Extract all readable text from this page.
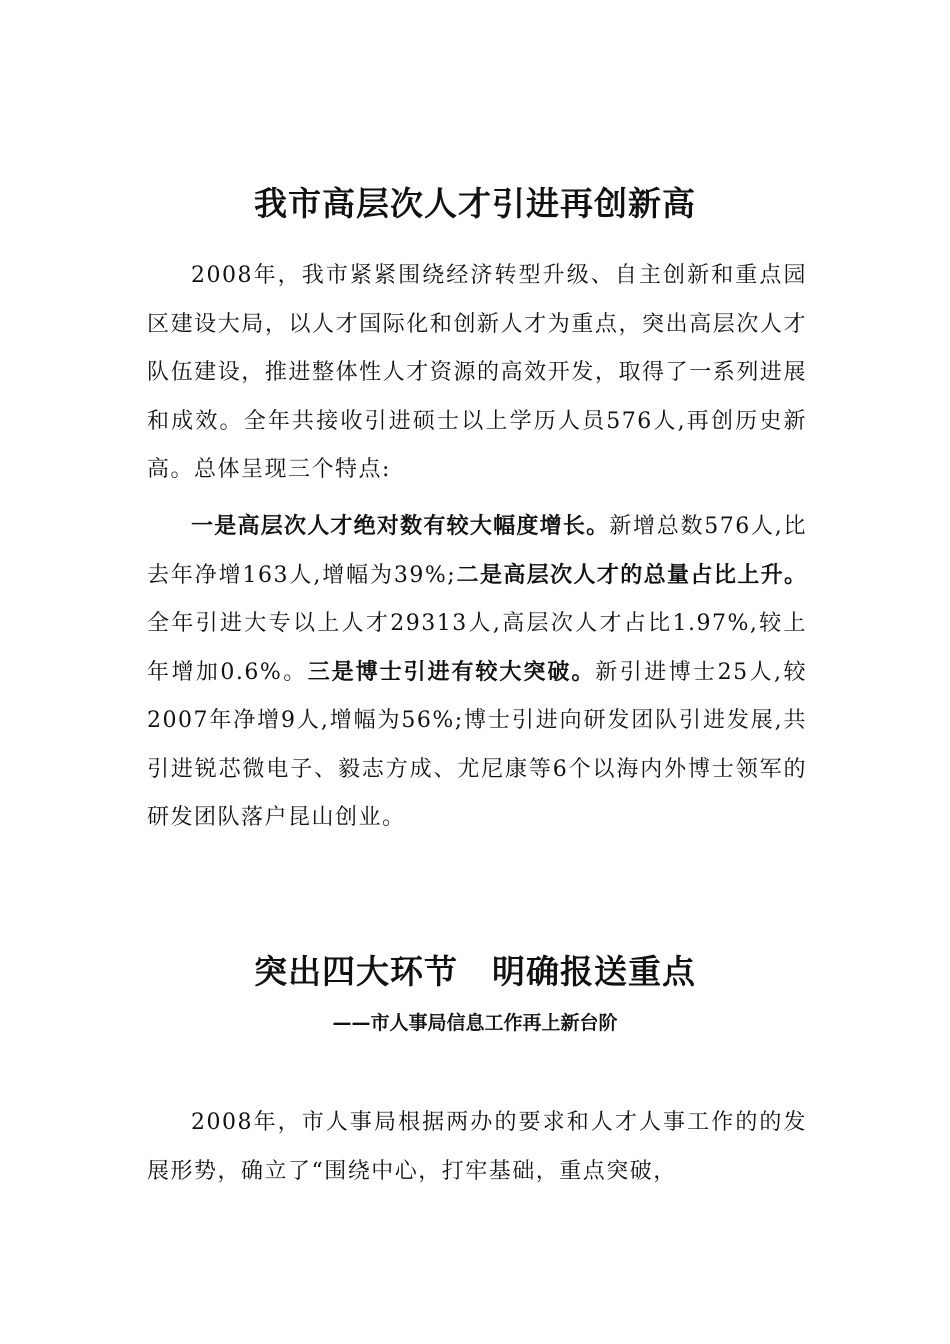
我市高层次人才引进再创新高

2008年，我市紧紧围绕经济转型升级、自主创新和重点园区建设大局，以人才国际化和创新人才为重点，突出高层次人才队伍建设，推进整体性人才资源的高效开发，取得了一系列进展和成效。全年共接收引进硕士以上学历人员576人,再创历史新高。总体呈现三个特点:

一是高层次人才绝对数有较大幅度增长。新增总数576人,比去年净增163人,增幅为39%;二是高层次人才的总量占比上升。全年引进大专以上人才29313人,高层次人才占比1.97%,较上年增加0.6%。三是博士引进有较大突破。新引进博士25人,较2007年净增9人,增幅为56%;博士引进向研发团队引进发展,共引进锐芯微电子、毅志方成、尤尼康等6个以海内外博士领军的研发团队落户昆山创业。

突出四大环节　明确报送重点
——市人事局信息工作再上新台阶

2008年，市人事局根据两办的要求和人才人事工作的的发展形势，确立了“围绕中心，打牢基础，重点突破，
